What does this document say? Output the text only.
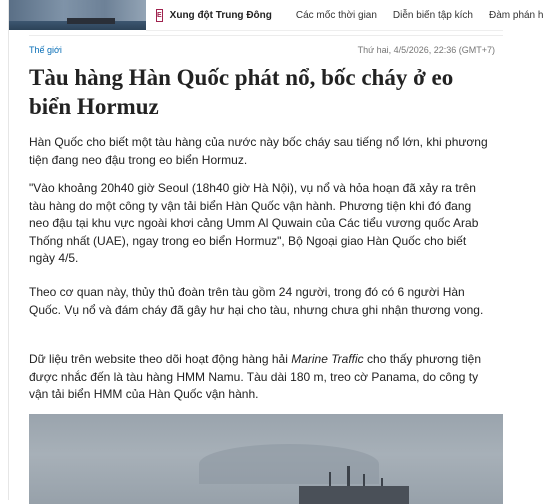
E Xung đột Trung Đông Các mốc thời gian Diễn biến tập kích Đàm phán h
Thế giới	Thứ hai, 4/5/2026, 22:36 (GMT+7)
Tàu hàng Hàn Quốc phát nổ, bốc cháy ở eo biển Hormuz

Hàn Quốc cho biết một tàu hàng của nước này bốc cháy sau tiếng nổ lớn, khi phương tiện đang neo đậu trong eo biển Hormuz.

"Vào khoảng 20h40 giờ Seoul (18h40 giờ Hà Nội), vụ nổ và hỏa hoạn đã xảy ra trên tàu hàng do một công ty vận tải biển Hàn Quốc vận hành. Phương tiện khi đó đang neo đậu tại khu vực ngoài khơi cảng Umm Al Quwain của Các tiểu vương quốc Arab Thống nhất (UAE), ngay trong eo biển Hormuz", Bộ Ngoại giao Hàn Quốc cho biết ngày 4/5.

Theo cơ quan này, thủy thủ đoàn trên tàu gồm 24 người, trong đó có 6 người Hàn Quốc. Vụ nổ và đám cháy đã gây hư hại cho tàu, nhưng chưa ghi nhận thương vong.

Dữ liệu trên website theo dõi hoạt động hàng hải Marine Traffic cho thấy phương tiện được nhắc đến là tàu hàng HMM Namu. Tàu dài 180 m, treo cờ Panama, do công ty vận tải biển HMM của Hàn Quốc vận hành.
